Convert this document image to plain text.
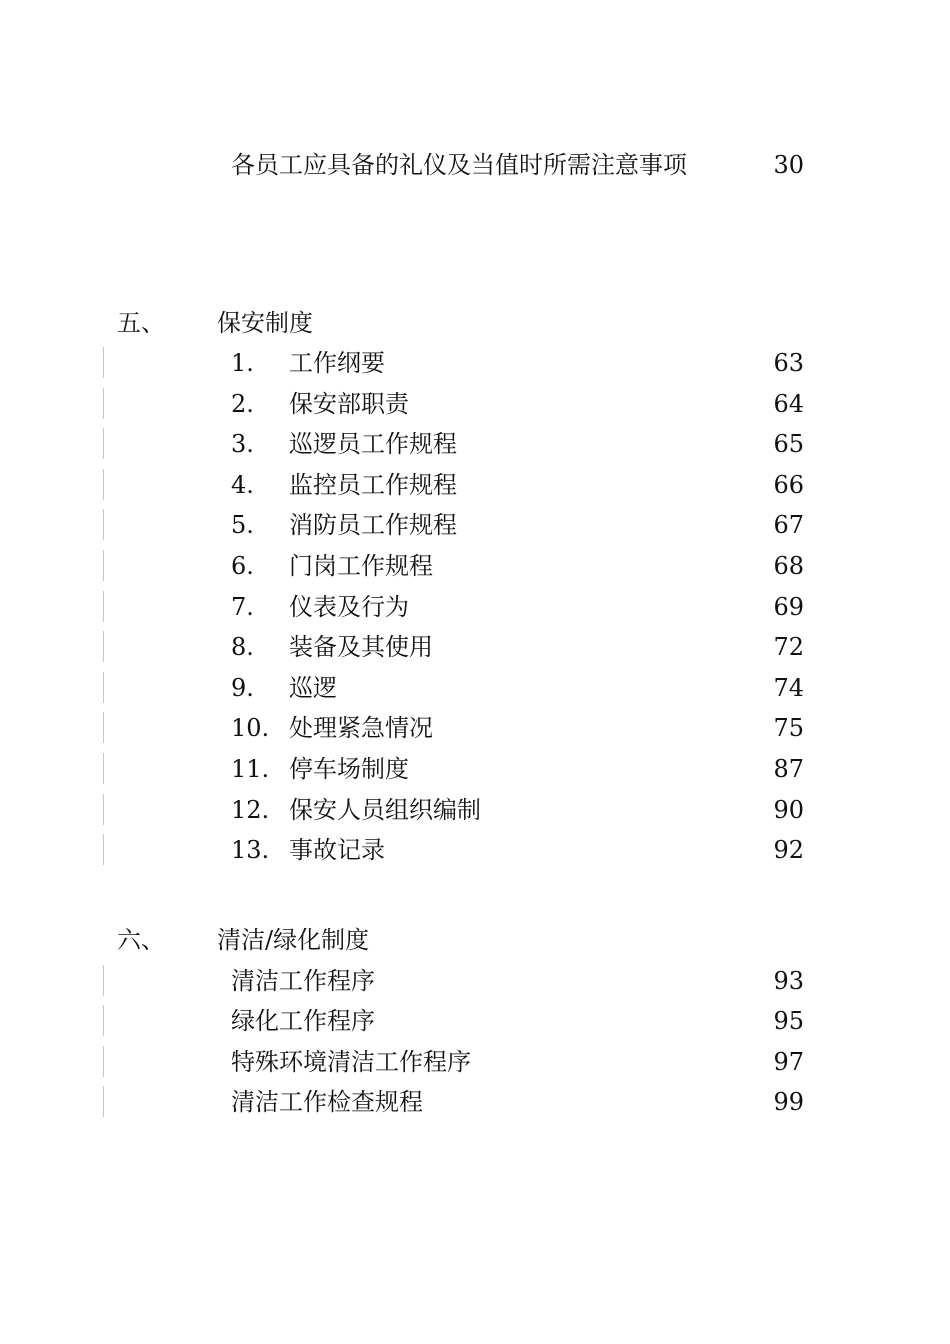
各员工应具备的礼仪及当值时所需注意事项	30
五、 保安制度
1. 工作纲要	63
2. 保安部职责	64
3. 巡逻员工作规程	65
4. 监控员工作规程	66
5. 消防员工作规程	67
6. 门岗工作规程	68
7. 仪表及行为	69
8. 装备及其使用	72
9. 巡逻	74
10. 处理紧急情况	75
11. 停车场制度	87
12. 保安人员组织编制	90
13. 事故记录	92
六、 清洁/绿化制度
清洁工作程序	93
绿化工作程序	95
特殊环境清洁工作程序	97
清洁工作检查规程	99
